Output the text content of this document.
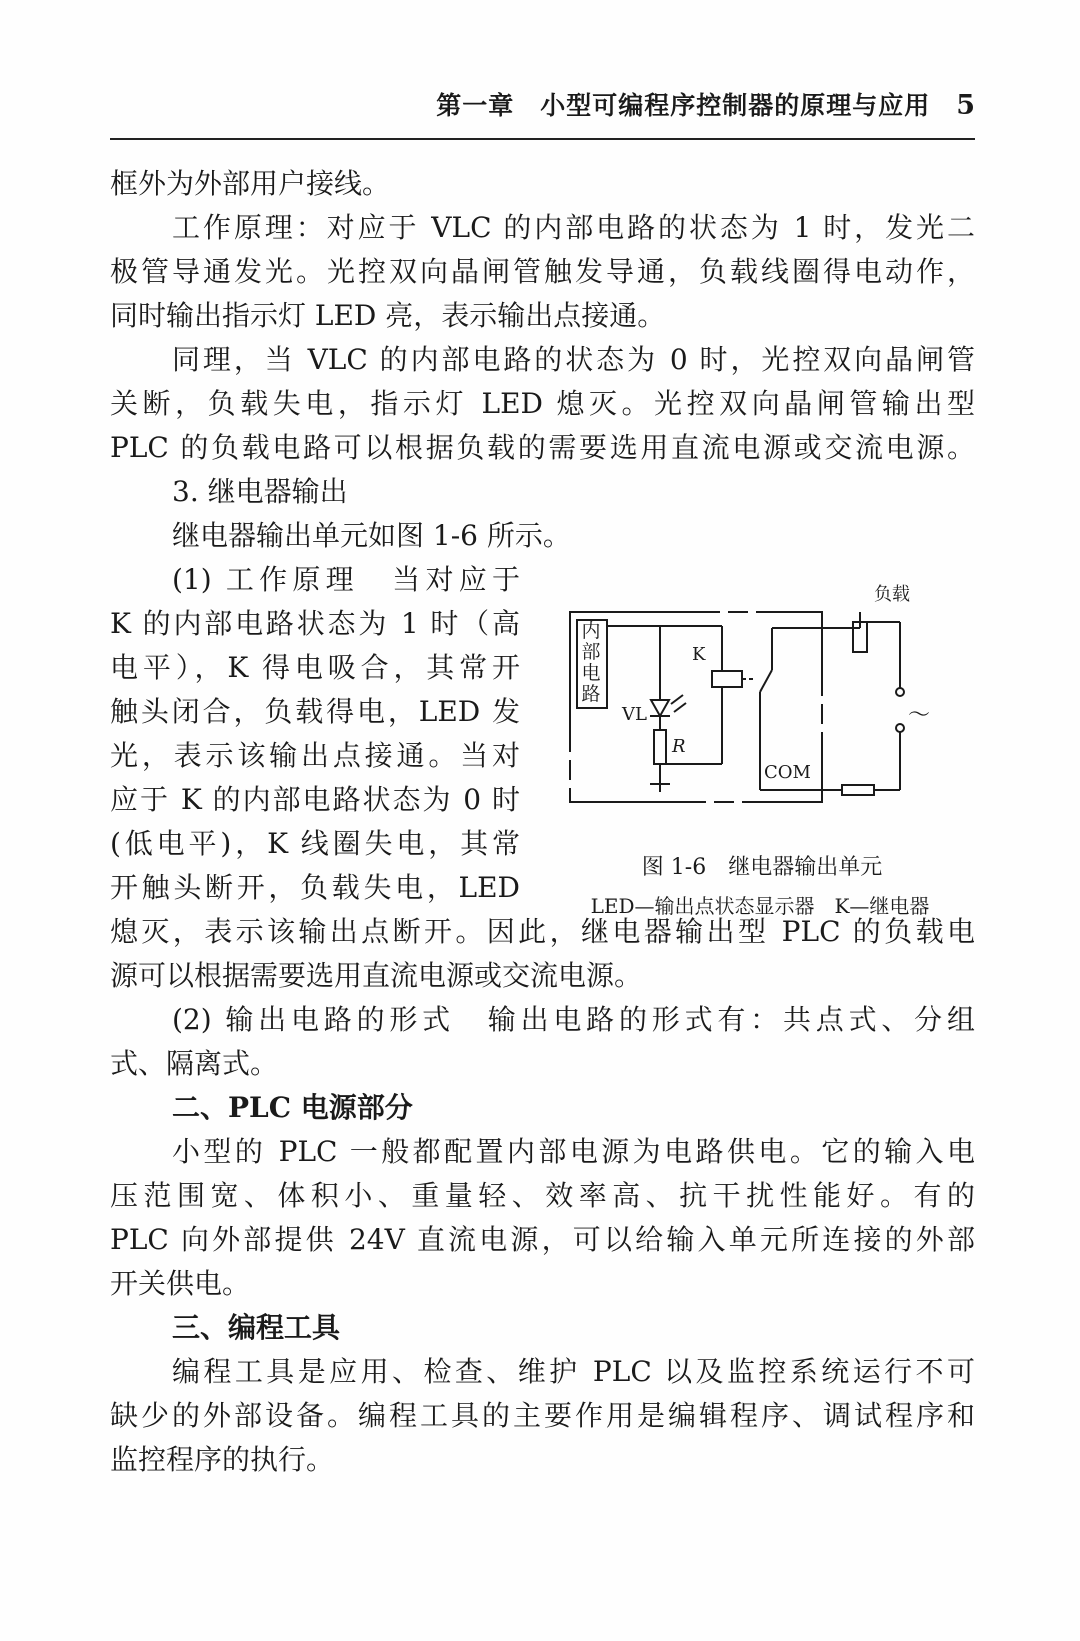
第一章　小型可编程序控制器的原理与应用 5
框外为外部用户接线。
工作原理：对应于 VLC 的内部电路的状态为 1 时，发光二
极管导通发光。光控双向晶闸管触发导通，负载线圈得电动作，
同时输出指示灯 LED 亮，表示输出点接通。
同理，当 VLC 的内部电路的状态为 0 时，光控双向晶闸管
关断，负载失电，指示灯 LED 熄灭。光控双向晶闸管输出型
PLC 的负载电路可以根据负载的需要选用直流电源或交流电源。
3. 继电器输出
继电器输出单元如图 1-6 所示。
(1) 工作原理　当对应于
K 的内部电路状态为 1 时（高
电平），K 得电吸合，其常开
触头闭合，负载得电，LED 发
光，表示该输出点接通。当对
应于 K 的内部电路状态为 0 时
(低电平)，K 线圈失电，其常
开触头断开，负载失电，LED
熄灭，表示该输出点断开。因此，继电器输出型 PLC 的负载电
源可以根据需要选用直流电源或交流电源。
(2) 输出电路的形式　输出电路的形式有：共点式、分组
式、隔离式。
二、PLC 电源部分
小型的 PLC 一般都配置内部电源为电路供电。它的输入电
压范围宽、体积小、重量轻、效率高、抗干扰性能好。有的
PLC 向外部提供 24V 直流电源，可以给输入单元所连接的外部
开关供电。
三、编程工具
编程工具是应用、检查、维护 PLC 以及监控系统运行不可
缺少的外部设备。编程工具的主要作用是编辑程序、调试程序和
监控程序的执行。
内部电路
负载
K
VL
R
COM
～
图 1-6　继电器输出单元
LED—输出点状态显示器　K—继电器
